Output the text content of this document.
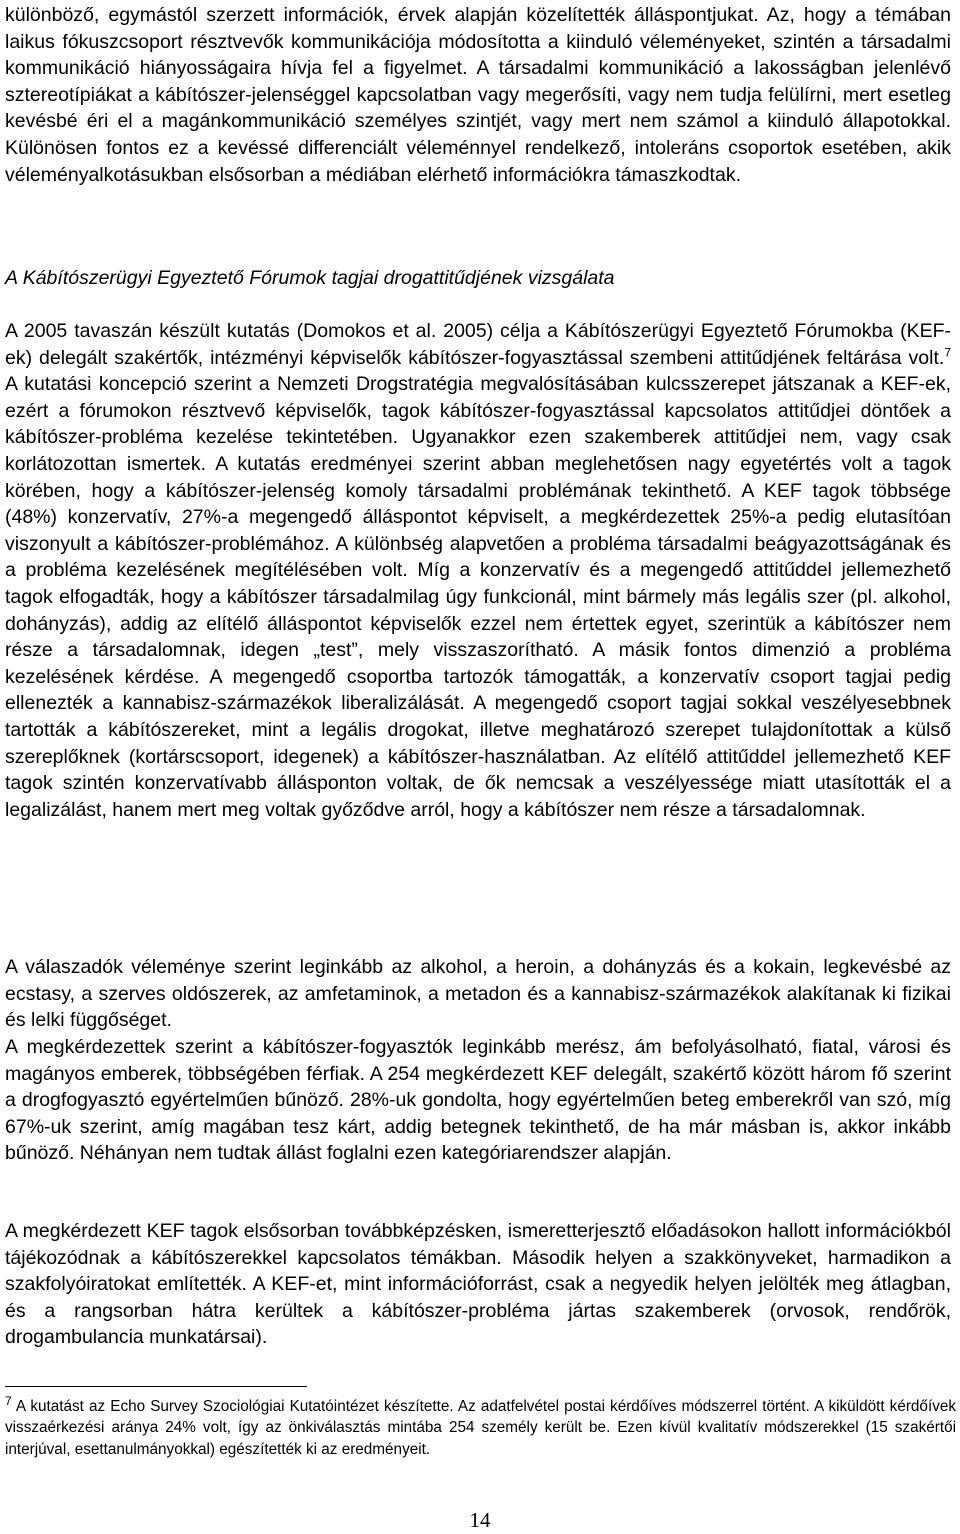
különböző, egymástól szerzett információk, érvek alapján közelítették álláspontjukat. Az, hogy a témában laikus fókuszcsoport résztvevők kommunikációja módosította a kiinduló véleményeket, szintén a társadalmi kommunikáció hiányosságaira hívja fel a figyelmet. A társadalmi kommunikáció a lakosságban jelenlévő sztereotípiákat a kábítószer-jelenséggel kapcsolatban vagy megerősíti, vagy nem tudja felülírni, mert esetleg kevésbé éri el a magánkommunikáció személyes szintjét, vagy mert nem számol a kiinduló állapotokkal. Különösen fontos ez a kevéssé differenciált véleménnyel rendelkező, intoleráns csoportok esetében, akik véleményalkotásukban elsősorban a médiában elérhető információkra támaszkodtak.

A Kábítószerügyi Egyeztető Fórumok tagjai drogattitűdjének vizsgálata

A 2005 tavaszán készült kutatás (Domokos et al. 2005) célja a Kábítószerügyi Egyeztető Fórumokba (KEF-ek) delegált szakértők, intézményi képviselők kábítószer-fogyasztással szembeni attitűdjének feltárása volt.$^7$ A kutatási koncepció szerint a Nemzeti Drogstratégia megvalósításában kulcsszerepet játszanak a KEF-ek, ezért a fórumokon résztvevő képviselők, tagok kábítószer-fogyasztással kapcsolatos attitűdjei döntőek a kábítószer-probléma kezelése tekintetében. Ugyanakkor ezen szakemberek attitűdjei nem, vagy csak korlátozottan ismertek. A kutatás eredményei szerint abban meglehetősen nagy egyetértés volt a tagok körében, hogy a kábítószer-jelenség komoly társadalmi problémának tekinthető. A KEF tagok többsége (48%) konzervatív, 27%-a megengedő álláspontot képviselt, a megkérdezettek 25%-a pedig elutasítóan viszonyult a kábítószer-problémához. A különbség alapvetően a probléma társadalmi beágyazottságának és a probléma kezelésének megítélésében volt. Míg a konzervatív és a megengedő attitűddel jellemezhető tagok elfogadták, hogy a kábítószer társadalmilag úgy funkcionál, mint bármely más legális szer (pl. alkohol, dohányzás), addig az elítélő álláspontot képviselők ezzel nem értettek egyet, szerintük a kábítószer nem része a társadalomnak, idegen „test”, mely visszaszorítható. A másik fontos dimenzió a probléma kezelésének kérdése. A megengedő csoportba tartozók támogatták, a konzervatív csoport tagjai pedig ellenezték a kannabisz-származékok liberalizálását. A megengedő csoport tagjai sokkal veszélyesebbnek tartották a kábítószereket, mint a legális drogokat, illetve meghatározó szerepet tulajdonítottak a külső szereplőknek (kortárscsoport, idegenek) a kábítószer-használatban. Az elítélő attitűddel jellemezhető KEF tagok szintén konzervatívabb állásponton voltak, de ők nemcsak a veszélyessége miatt utasították el a legalizálást, hanem mert meg voltak győződve arról, hogy a kábítószer nem része a társadalomnak.

A válaszadók véleménye szerint leginkább az alkohol, a heroin, a dohányzás és a kokain, legkevésbé az ecstasy, a szerves oldószerek, az amfetaminok, a metadon és a kannabisz-származékok alakítanak ki fizikai és lelki függőséget.

A megkérdezettek szerint a kábítószer-fogyasztók leginkább merész, ám befolyásolható, fiatal, városi és magányos emberek, többségében férfiak. A 254 megkérdezett KEF delegált, szakértő között három fő szerint a drogfogyasztó egyértelműen bűnöző. 28%-uk gondolta, hogy egyértelműen beteg emberekről van szó, míg 67%-uk szerint, amíg magában tesz kárt, addig betegnek tekinthető, de ha már másban is, akkor inkább bűnöző. Néhányan nem tudtak állást foglalni ezen kategóriarendszer alapján.

A megkérdezett KEF tagok elsősorban továbbképzésken, ismeretterjesztő előadásokon hallott információkból tájékozódnak a kábítószerekkel kapcsolatos témákban. Második helyen a szakkönyveket, harmadikon a szakfolyóiratokat említették. A KEF-et, mint információforrást, csak a negyedik helyen jelölték meg átlagban, és a rangsorban hátra kerültek a kábítószer-probléma jártas szakemberek (orvosok, rendőrök, drogambulancia munkatársai).

$^7$ A kutatást az Echo Survey Szociológiai Kutatóintézet készítette. Az adatfelvétel postai kérdőíves módszerrel történt. A kiküldött kérdőívek visszaérkezési aránya 24% volt, így az önkiválasztás mintába 254 személy került be. Ezen kívül kvalitatív módszerekkel (15 szakértői interjúval, esettanulmányokkal) egészítették ki az eredményeit.

14
